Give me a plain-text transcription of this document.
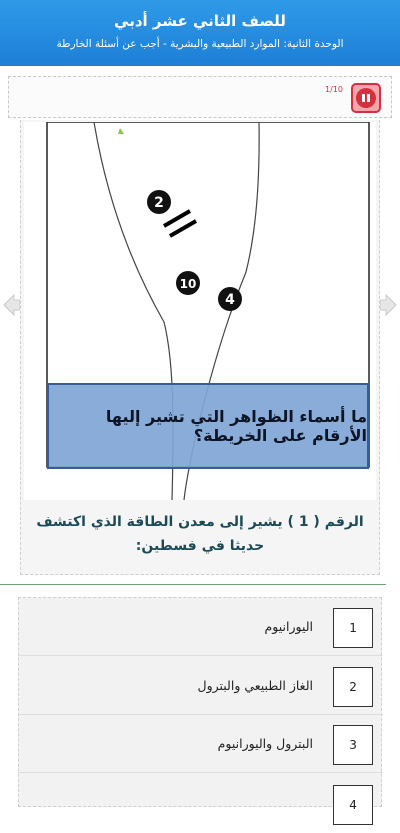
للصف الثاني عشر أدبي
الوحدة الثانية: الموارد الطبيعية والبشرية - أجب عن أسئلة الخارطة
1/10
2
10
4
ما أسماء الظواهر التي تشير إليها الأرقام على الخريطة؟
الرقم ( 1 ) يشير إلى معدن الطاقة الذي اكتشف حديثا في فسطين:
1
اليورانيوم
2
الغاز الطبيعي والبترول
3
البترول واليورانيوم
4
